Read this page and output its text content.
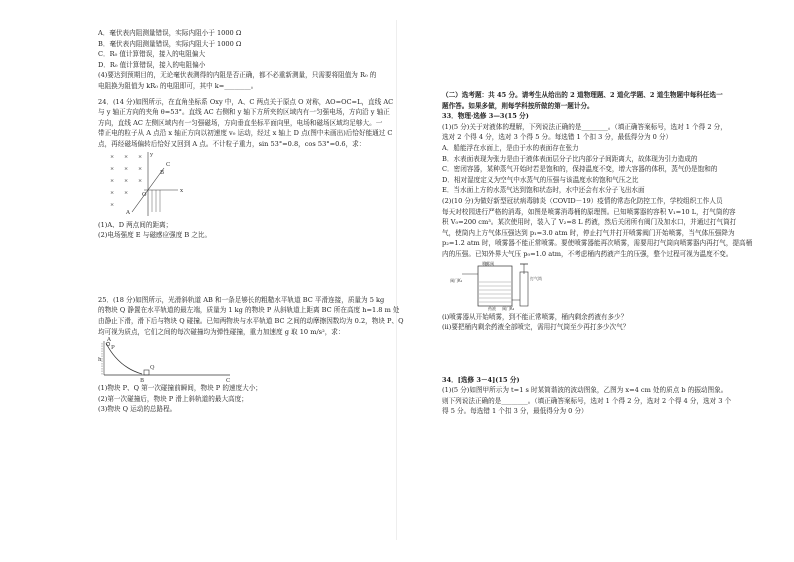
A．毫伏表内阻测量错误，实际内阻小于 1000 Ω
B．毫伏表内阻测量错误，实际内阻大于 1000 Ω
C．R₀ 值计算错误，接入的电阻偏大
D．R₀ 值计算错误，接入的电阻偏小
(4)要达到预期目的，无论毫伏表测得的内阻是否正确，都不必重新测量，只需要将阻值为 R₀ 的
电阻换为阻值为 kR₀ 的电阻即可，其中 k=________。
24．(14 分)如图所示，在直角坐标系 Oxy 中，A、C 两点关于原点 O 对称，AO=OC=L，直线 AC
与 y 轴正方向的夹角 θ=53°。直线 AC 右侧和 y 轴下方所夹的区域内有一匀强电场，方向沿 y 轴正
方向，直线 AC 左侧区域内有一匀强磁场，方向垂直坐标平面向里，电场和磁场区域均足够大。一
带正电的粒子从 A 点沿 x 轴正方向以初速度 v₀ 运动，经过 x 轴上 D 点(图中未画出)后恰好能通过 C
点，再经磁场偏转后恰好又回到 A 点。不计粒子重力，sin 53°=0.8，cos 53°=0.6，求：
× × ×
× × ×
× × ×
× ×
×
y
A
B
O
C
x
(1)A、D 两点间的距离；
(2)电场强度 E 与磁感应强度 B 之比。
25．(18 分)如图所示，光滑斜轨道 AB 和一条足够长的粗糙水平轨道 BC 平滑连接，质量为 5 kg
的物块 Q 静置在水平轨道的最左端，质量为 1 kg 的物块 P 从斜轨道上距离 BC 所在高度 h=1.8 m 处
由静止下滑，滑下后与物块 Q 碰撞。已知两物块与水平轨道 BC 之间的动摩擦因数均为 0.2，物块 P、Q
均可视为质点，它们之间的每次碰撞均为弹性碰撞，重力加速度 g 取 10 m/s²，求：
A
h
P
B
Q
C
(1)物块 P、Q 第一次碰撞前瞬间，物块 P 的速度大小；
(2)第一次碰撞后，物块 P 滑上斜轨道的最大高度；
(3)物块 Q 运动的总路程。
（二）选考题：共 45 分。请考生从给出的 2 道物理题、2 道化学题、2 道生物题中每科任选一
题作答。如果多做，则每学科按所做的第一题计分。
33．物理·选修 3—3(15 分)
(1)(5 分)关于对液体的理解，下列说法正确的是________。（填正确答案标号，选对 1 个得 2 分，
选对 2 个得 4 分，选对 3 个得 5 分。每选错 1 个扣 3 分，最低得分为 0 分）
A．船能浮在水面上，是由于水的表面存在张力
B．水表面表现为张力是由于液体表面层分子比内部分子间距离大，故体现为引力造成的
C．密闭容器，某种蒸气开始时若是饱和的，保持温度不变，增大容器的体积，蒸气仍是饱和的
D．相对湿度定义为空气中水蒸气的压强与该温度水的饱和气压之比
E．当水面上方的水蒸气达到饱和状态时，水中还会有水分子飞出水面
(2)(10 分)为做好新型冠状病毒肺炎（COVID－19）疫情的常态化防控工作，学校组织工作人员
每天对校园进行严格的消毒，如图是喷雾消毒桶的原理图。已知喷雾器的容积 V₁=10 L，打气筒的容
积 V₀=200 cm³。某次使用时，装入了 V₂=8 L 药液，然后关闭所有阀门及加水口，并通过打气筒打
气，使筒内上方气体压强达到 p₁=3.0 atm 时，停止打气并打开喷雾阀门开始喷雾，当气体压强降为
p₂=1.2 atm 时，喷雾器不能正常喷雾。要使喷雾器能再次喷雾，需要用打气筒向喷雾器内再打气，提高桶
内的压强。已知外界大气压 p₀=1.0 atm，不考虑桶内药液产生的压强，整个过程可视为温度不变。
喷雾阀
阀门K₁
阀门K₂
打气筒
药液
(i)喷雾器从开始喷雾，到不能正常喷雾，桶内剩余药液有多少？
(ii)要把桶内剩余药液全部喷完，需用打气筒至少再打多少次气？
34．[选修 3－4](15 分)
(1)(5 分)如图甲所示为 t=1 s 时某简谐波的波动图象，乙图为 x=4 cm 处的质点 b 的振动图象。
则下列说法正确的是________。（填正确答案标号，选对 1 个得 2 分，选对 2 个得 4 分，选对 3 个
得 5 分。每选错 1 个扣 3 分，最低得分为 0 分）
